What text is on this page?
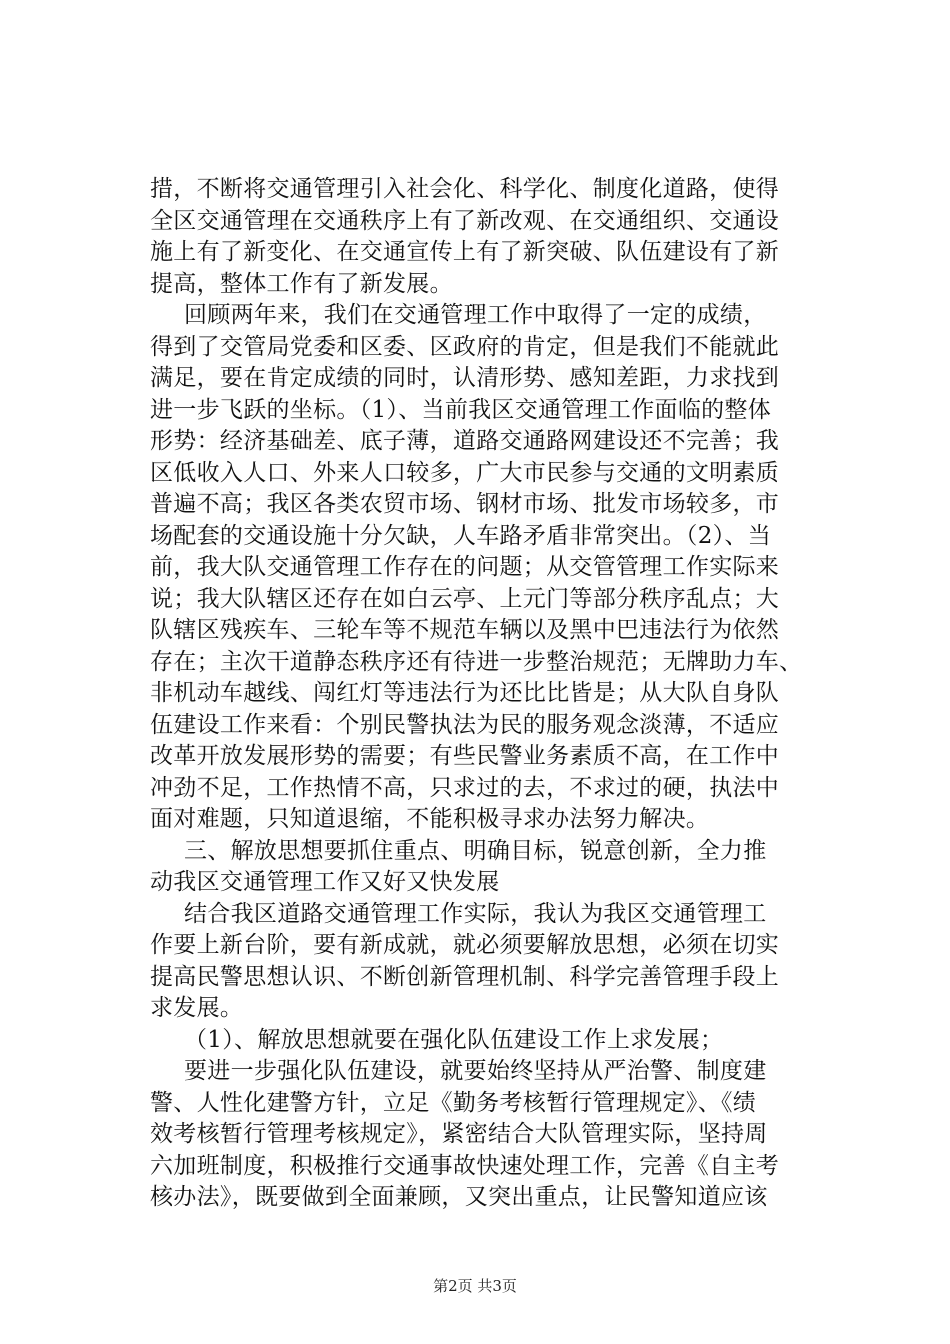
措，不断将交通管理引入社会化、科学化、制度化道路，使得
全区交通管理在交通秩序上有了新改观、在交通组织、交通设
施上有了新变化、在交通宣传上有了新突破、队伍建设有了新
提高，整体工作有了新发展。
回顾两年来，我们在交通管理工作中取得了一定的成绩，
得到了交管局党委和区委、区政府的肯定，但是我们不能就此
满足，要在肯定成绩的同时，认清形势、感知差距，力求找到
进一步飞跃的坐标。（1）、当前我区交通管理工作面临的整体
形势：经济基础差、底子薄，道路交通路网建设还不完善；我
区低收入人口、外来人口较多，广大市民参与交通的文明素质
普遍不高；我区各类农贸市场、钢材市场、批发市场较多，市
场配套的交通设施十分欠缺，人车路矛盾非常突出。（2）、当
前，我大队交通管理工作存在的问题；从交管管理工作实际来
说；我大队辖区还存在如白云亭、上元门等部分秩序乱点；大
队辖区残疾车、三轮车等不规范车辆以及黑中巴违法行为依然
存在；主次干道静态秩序还有待进一步整治规范；无牌助力车、
非机动车越线、闯红灯等违法行为还比比皆是；从大队自身队
伍建设工作来看：个别民警执法为民的服务观念淡薄，不适应
改革开放发展形势的需要；有些民警业务素质不高，在工作中
冲劲不足，工作热情不高，只求过的去，不求过的硬，执法中
面对难题，只知道退缩，不能积极寻求办法努力解决。
三、解放思想要抓住重点、明确目标，锐意创新，全力推
动我区交通管理工作又好又快发展
结合我区道路交通管理工作实际，我认为我区交通管理工
作要上新台阶，要有新成就，就必须要解放思想，必须在切实
提高民警思想认识、不断创新管理机制、科学完善管理手段上
求发展。
（1）、解放思想就要在强化队伍建设工作上求发展；
要进一步强化队伍建设，就要始终坚持从严治警、制度建
警、人性化建警方针，立足《勤务考核暂行管理规定》、《绩
效考核暂行管理考核规定》，紧密结合大队管理实际，坚持周
六加班制度，积极推行交通事故快速处理工作，完善《自主考
核办法》，既要做到全面兼顾，又突出重点，让民警知道应该
第2页 共3页
